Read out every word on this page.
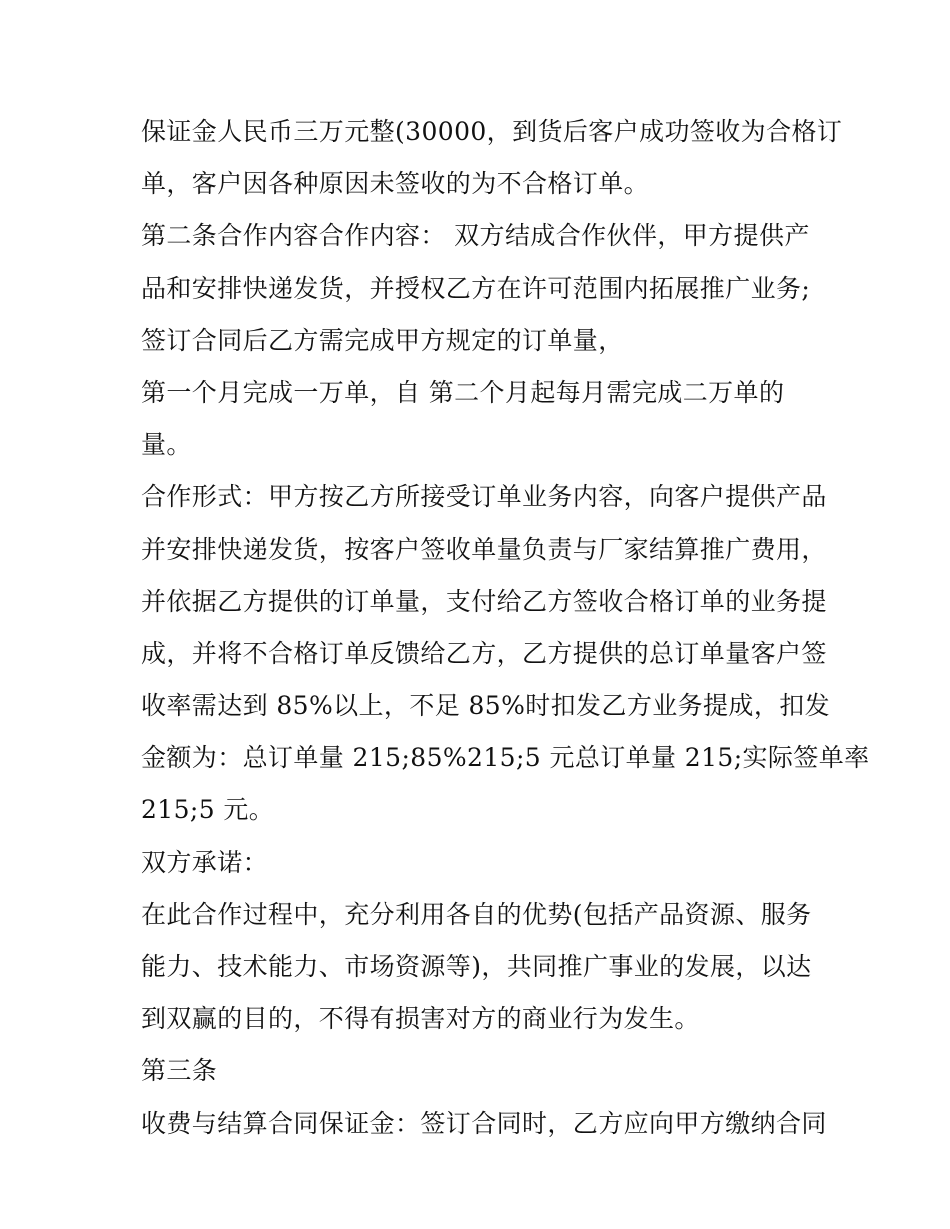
保证金人民币三万元整(30000，到货后客户成功签收为合格订
单，客户因各种原因未签收的为不合格订单。
第二条合作内容合作内容： 双方结成合作伙伴，甲方提供产
品和安排快递发货，并授权乙方在许可范围内拓展推广业务;
签订合同后乙方需完成甲方规定的订单量，
第一个月完成一万单，自 第二个月起每月需完成二万单的
量。
合作形式：甲方按乙方所接受订单业务内容，向客户提供产品
并安排快递发货，按客户签收单量负责与厂家结算推广费用，
并依据乙方提供的订单量，支付给乙方签收合格订单的业务提
成，并将不合格订单反馈给乙方，乙方提供的总订单量客户签
收率需达到 85%以上，不足 85%时扣发乙方业务提成，扣发
金额为：总订单量 215;85%215;5 元总订单量 215;实际签单率
215;5 元。
双方承诺：
在此合作过程中，充分利用各自的优势(包括产品资源、服务
能力、技术能力、市场资源等)，共同推广事业的发展，以达
到双赢的目的，不得有损害对方的商业行为发生。
第三条
收费与结算合同保证金：签订合同时，乙方应向甲方缴纳合同
